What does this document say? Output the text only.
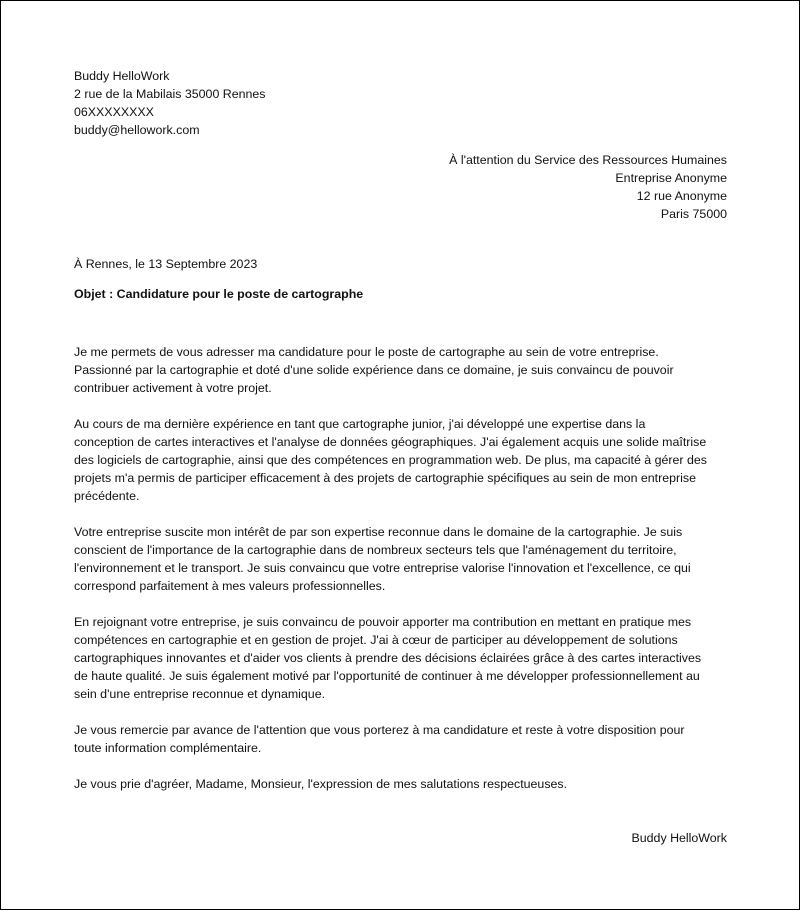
Buddy HelloWork
2 rue de la Mabilais 35000 Rennes
06XXXXXXXX
buddy@hellowork.com
À l'attention du Service des Ressources Humaines
Entreprise Anonyme
12 rue Anonyme
Paris 75000
À Rennes, le 13 Septembre 2023
Objet : Candidature pour le poste de cartographe

Je me permets de vous adresser ma candidature pour le poste de cartographe au sein de votre entreprise.
Passionné par la cartographie et doté d'une solide expérience dans ce domaine, je suis convaincu de pouvoir
contribuer activement à votre projet.

Au cours de ma dernière expérience en tant que cartographe junior, j'ai développé une expertise dans la
conception de cartes interactives et l'analyse de données géographiques. J'ai également acquis une solide maîtrise
des logiciels de cartographie, ainsi que des compétences en programmation web. De plus, ma capacité à gérer des
projets m'a permis de participer efficacement à des projets de cartographie spécifiques au sein de mon entreprise
précédente.

Votre entreprise suscite mon intérêt de par son expertise reconnue dans le domaine de la cartographie. Je suis
conscient de l'importance de la cartographie dans de nombreux secteurs tels que l'aménagement du territoire,
l'environnement et le transport. Je suis convaincu que votre entreprise valorise l'innovation et l'excellence, ce qui
correspond parfaitement à mes valeurs professionnelles.

En rejoignant votre entreprise, je suis convaincu de pouvoir apporter ma contribution en mettant en pratique mes
compétences en cartographie et en gestion de projet. J'ai à cœur de participer au développement de solutions
cartographiques innovantes et d'aider vos clients à prendre des décisions éclairées grâce à des cartes interactives
de haute qualité. Je suis également motivé par l'opportunité de continuer à me développer professionnellement au
sein d'une entreprise reconnue et dynamique.

Je vous remercie par avance de l'attention que vous porterez à ma candidature et reste à votre disposition pour
toute information complémentaire.

Je vous prie d'agréer, Madame, Monsieur, l'expression de mes salutations respectueuses.

Buddy HelloWork
